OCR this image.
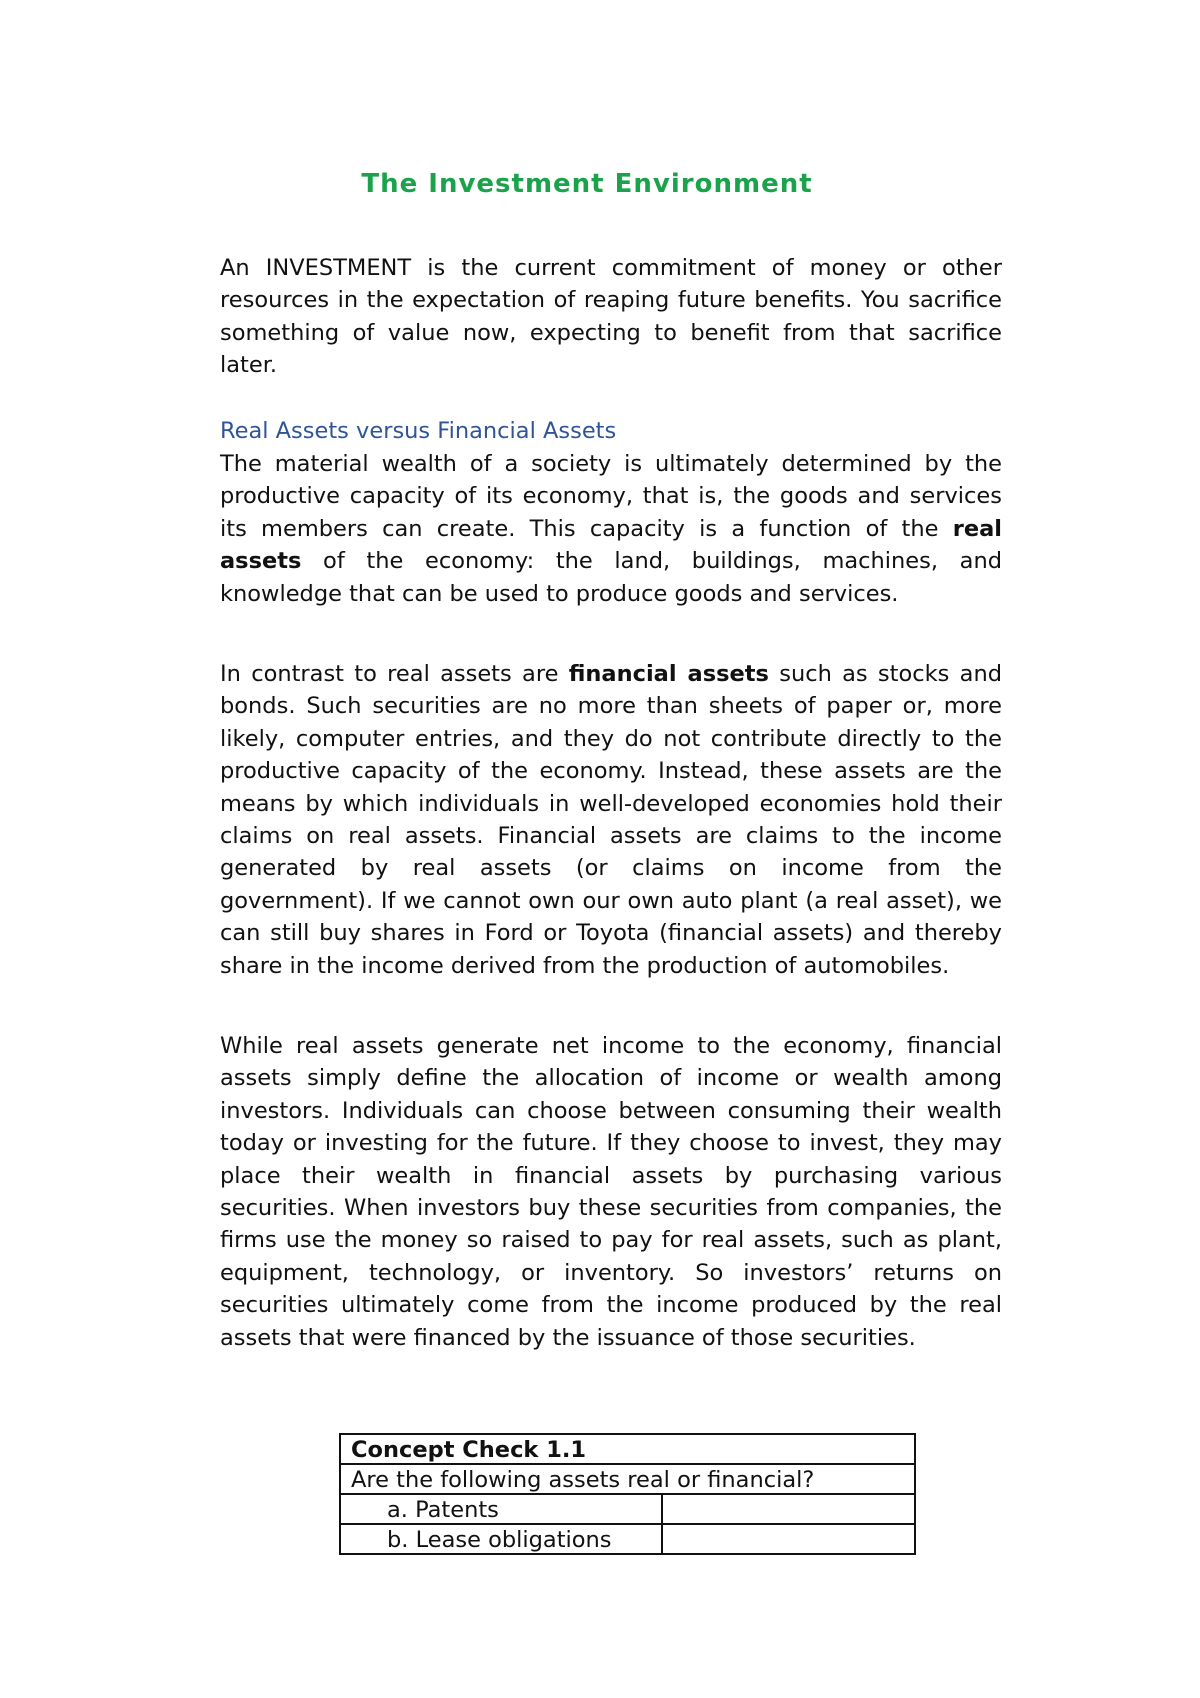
The Investment Environment

An INVESTMENT is the current commitment of money or other resources in the expectation of reaping future benefits. You sacrifice something of value now, expecting to benefit from that sacrifice later.

Real Assets versus Financial Assets

The material wealth of a society is ultimately determined by the productive capacity of its economy, that is, the goods and services its members can create. This capacity is a function of the real assets of the economy: the land, buildings, machines, and knowledge that can be used to produce goods and services.

In contrast to real assets are financial assets such as stocks and bonds. Such securities are no more than sheets of paper or, more likely, computer entries, and they do not contribute directly to the productive capacity of the economy. Instead, these assets are the means by which individuals in well-developed economies hold their claims on real assets. Financial assets are claims to the income generated by real assets (or claims on income from the government). If we cannot own our own auto plant (a real asset), we can still buy shares in Ford or Toyota (financial assets) and thereby share in the income derived from the production of automobiles.

While real assets generate net income to the economy, financial assets simply define the allocation of income or wealth among investors. Individuals can choose between consuming their wealth today or investing for the future. If they choose to invest, they may place their wealth in financial assets by purchasing various securities. When investors buy these securities from companies, the firms use the money so raised to pay for real assets, such as plant, equipment, technology, or inventory. So investors’ returns on securities ultimately come from the income produced by the real assets that were financed by the issuance of those securities.

Concept Check 1.1	
Are the following assets real or financial?	
a. Patents	
b. Lease obligations	
